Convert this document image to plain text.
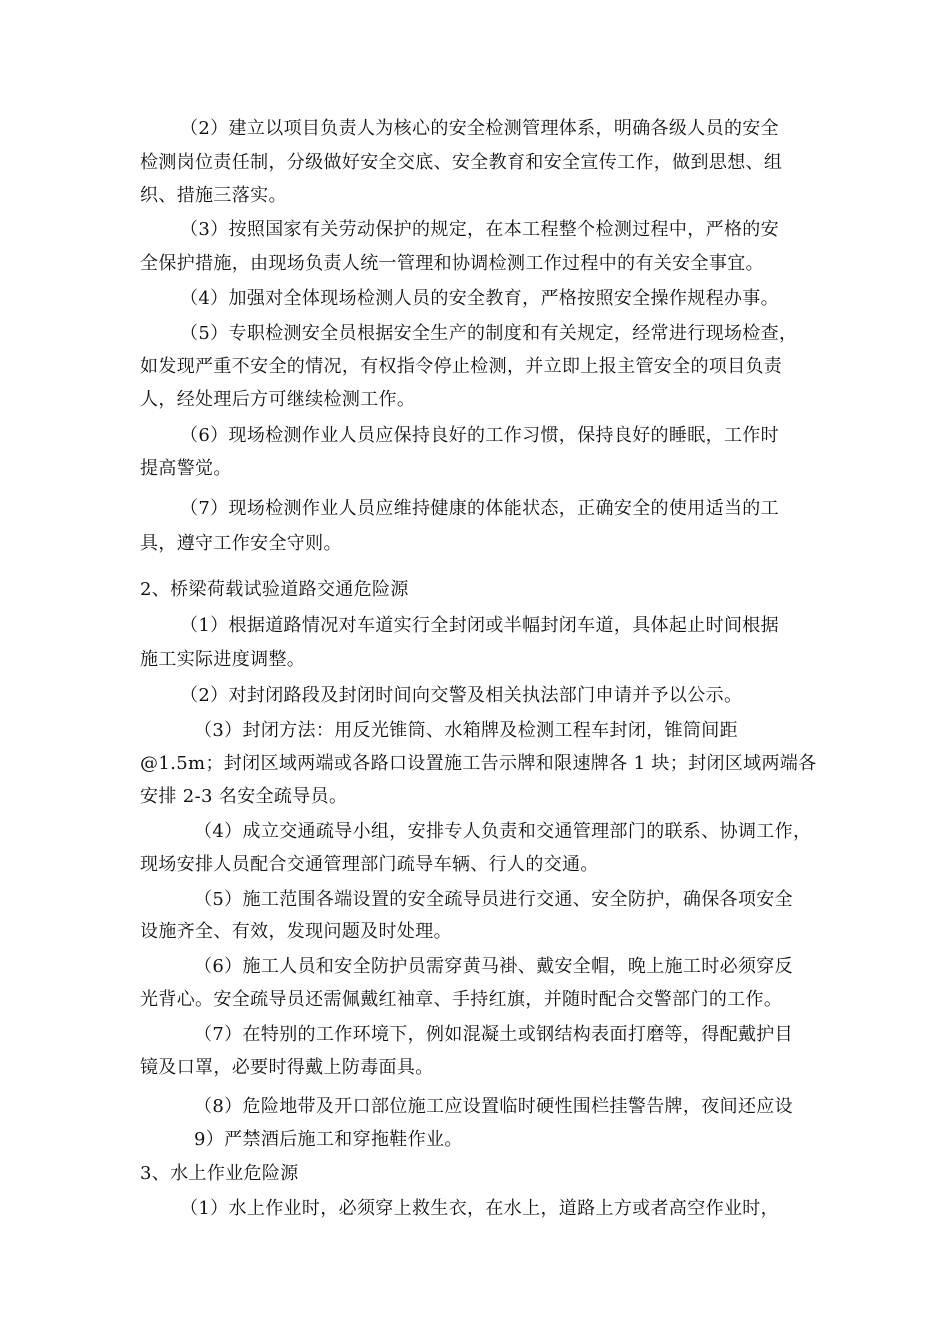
（2）建立以项目负责人为核心的安全检测管理体系，明确各级人员的安全
检测岗位责任制，分级做好安全交底、安全教育和安全宣传工作，做到思想、组
织、措施三落实。
（3）按照国家有关劳动保护的规定，在本工程整个检测过程中，严格的安
全保护措施，由现场负责人统一管理和协调检测工作过程中的有关安全事宜。
（4）加强对全体现场检测人员的安全教育，严格按照安全操作规程办事。
（5）专职检测安全员根据安全生产的制度和有关规定，经常进行现场检查，
如发现严重不安全的情况，有权指令停止检测，并立即上报主管安全的项目负责
人，经处理后方可继续检测工作。
（6）现场检测作业人员应保持良好的工作习惯，保持良好的睡眠，工作时
提高警觉。
（7）现场检测作业人员应维持健康的体能状态，正确安全的使用适当的工
具，遵守工作安全守则。
2、桥梁荷载试验道路交通危险源
（1）根据道路情况对车道实行全封闭或半幅封闭车道，具体起止时间根据
施工实际进度调整。
（2）对封闭路段及封闭时间向交警及相关执法部门申请并予以公示。
（3）封闭方法：用反光锥筒、水箱牌及检测工程车封闭，锥筒间距
@1.5m；封闭区域两端或各路口设置施工告示牌和限速牌各 1 块；封闭区域两端各
安排 2-3 名安全疏导员。
（4）成立交通疏导小组，安排专人负责和交通管理部门的联系、协调工作，
现场安排人员配合交通管理部门疏导车辆、行人的交通。
（5）施工范围各端设置的安全疏导员进行交通、安全防护，确保各项安全
设施齐全、有效，发现问题及时处理。
（6）施工人员和安全防护员需穿黄马褂、戴安全帽，晚上施工时必须穿反
光背心。安全疏导员还需佩戴红袖章、手持红旗，并随时配合交警部门的工作。
（7）在特别的工作环境下，例如混凝土或钢结构表面打磨等，得配戴护目
镜及口罩，必要时得戴上防毒面具。
（8）危险地带及开口部位施工应设置临时硬性围栏挂警告牌，夜间还应设
9）严禁酒后施工和穿拖鞋作业。
3、水上作业危险源
（1）水上作业时，必须穿上救生衣，在水上，道路上方或者高空作业时，
